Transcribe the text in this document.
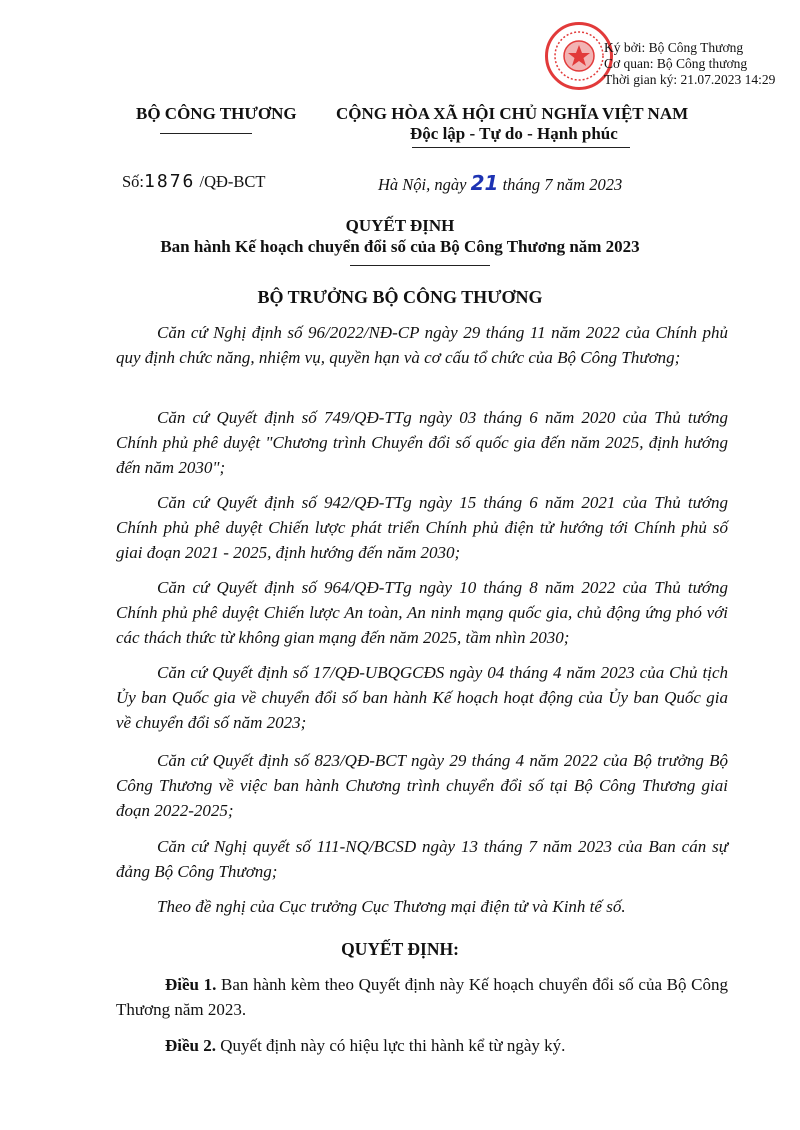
Ký bởi: Bộ Công Thương
Cơ quan: Bộ Công thương
Thời gian ký: 21.07.2023 14:29
BỘ CÔNG THƯƠNG CỘNG HÒA XÃ HỘI CHỦ NGHĨA VIỆT NAM
Độc lập - Tự do - Hạnh phúc
Số:1876 /QĐ-BCT	Hà Nội, ngày 21 tháng 7 năm 2023
QUYẾT ĐỊNH
Ban hành Kế hoạch chuyển đổi số của Bộ Công Thương năm 2023
BỘ TRƯỞNG BỘ CÔNG THƯƠNG

Căn cứ Nghị định số 96/2022/NĐ-CP ngày 29 tháng 11 năm 2022 của Chính phủ quy định chức năng, nhiệm vụ, quyền hạn và cơ cấu tổ chức của Bộ Công Thương;

Căn cứ Quyết định số 749/QĐ-TTg ngày 03 tháng 6 năm 2020 của Thủ tướng Chính phủ phê duyệt "Chương trình Chuyển đổi số quốc gia đến năm 2025, định hướng đến năm 2030";

Căn cứ Quyết định số 942/QĐ-TTg ngày 15 tháng 6 năm 2021 của Thủ tướng Chính phủ phê duyệt Chiến lược phát triển Chính phủ điện tử hướng tới Chính phủ số giai đoạn 2021 - 2025, định hướng đến năm 2030;

Căn cứ Quyết định số 964/QĐ-TTg ngày 10 tháng 8 năm 2022 của Thủ tướng Chính phủ phê duyệt Chiến lược An toàn, An ninh mạng quốc gia, chủ động ứng phó với các thách thức từ không gian mạng đến năm 2025, tầm nhìn 2030;

Căn cứ Quyết định số 17/QĐ-UBQGCĐS ngày 04 tháng 4 năm 2023 của Chủ tịch Ủy ban Quốc gia về chuyển đổi số ban hành Kế hoạch hoạt động của Ủy ban Quốc gia về chuyển đổi số năm 2023;

Căn cứ Quyết định số 823/QĐ-BCT ngày 29 tháng 4 năm 2022 của Bộ trưởng Bộ Công Thương về việc ban hành Chương trình chuyển đổi số tại Bộ Công Thương giai đoạn 2022-2025;

Căn cứ Nghị quyết số 111-NQ/BCSD ngày 13 tháng 7 năm 2023 của Ban cán sự đảng Bộ Công Thương;

Theo đề nghị của Cục trưởng Cục Thương mại điện tử và Kinh tế số.

QUYẾT ĐỊNH:

Điều 1. Ban hành kèm theo Quyết định này Kế hoạch chuyển đổi số của Bộ Công Thương năm 2023.

Điều 2. Quyết định này có hiệu lực thi hành kể từ ngày ký.
